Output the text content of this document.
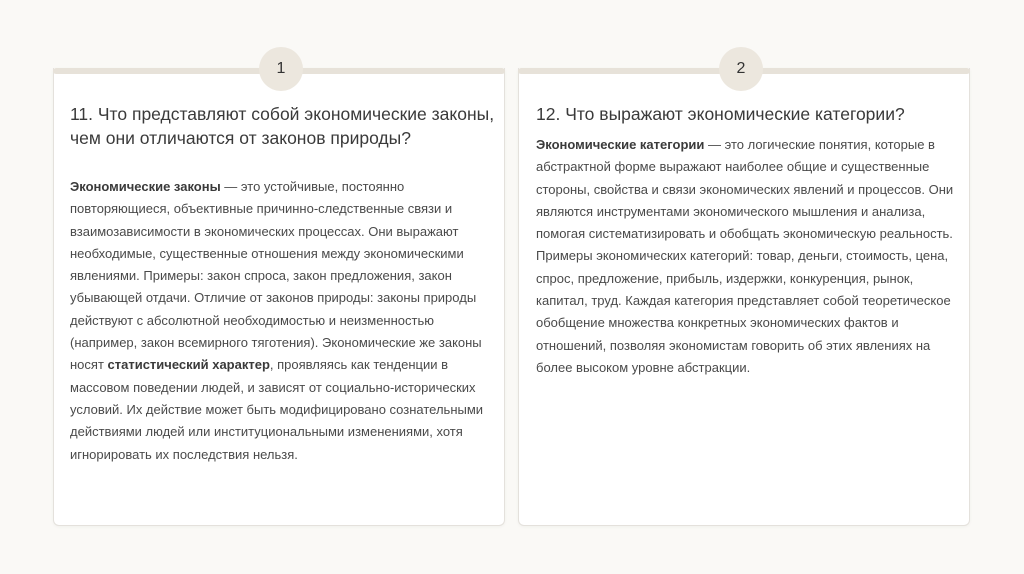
1
11. Что представляют собой экономические законы, чем они отличаются от законов природы?

Экономические законы — это устойчивые, постоянно повторяющиеся, объективные причинно-следственные связи и взаимозависимости в экономических процессах. Они выражают необходимые, существенные отношения между экономическими явлениями. Примеры: закон спроса, закон предложения, закон убывающей отдачи. Отличие от законов природы: законы природы действуют с абсолютной необходимостью и неизменностью (например, закон всемирного тяготения). Экономические же законы носят статистический характер, проявляясь как тенденции в массовом поведении людей, и зависят от социально-исторических условий. Их действие может быть модифицировано сознательными действиями людей или институциональными изменениями, хотя игнорировать их последствия нельзя.

2
12. Что выражают экономические категории?

Экономические категории — это логические понятия, которые в абстрактной форме выражают наиболее общие и существенные стороны, свойства и связи экономических явлений и процессов. Они являются инструментами экономического мышления и анализа, помогая систематизировать и обобщать экономическую реальность. Примеры экономических категорий: товар, деньги, стоимость, цена, спрос, предложение, прибыль, издержки, конкуренция, рынок, капитал, труд. Каждая категория представляет собой теоретическое обобщение множества конкретных экономических фактов и отношений, позволяя экономистам говорить об этих явлениях на более высоком уровне абстракции.
